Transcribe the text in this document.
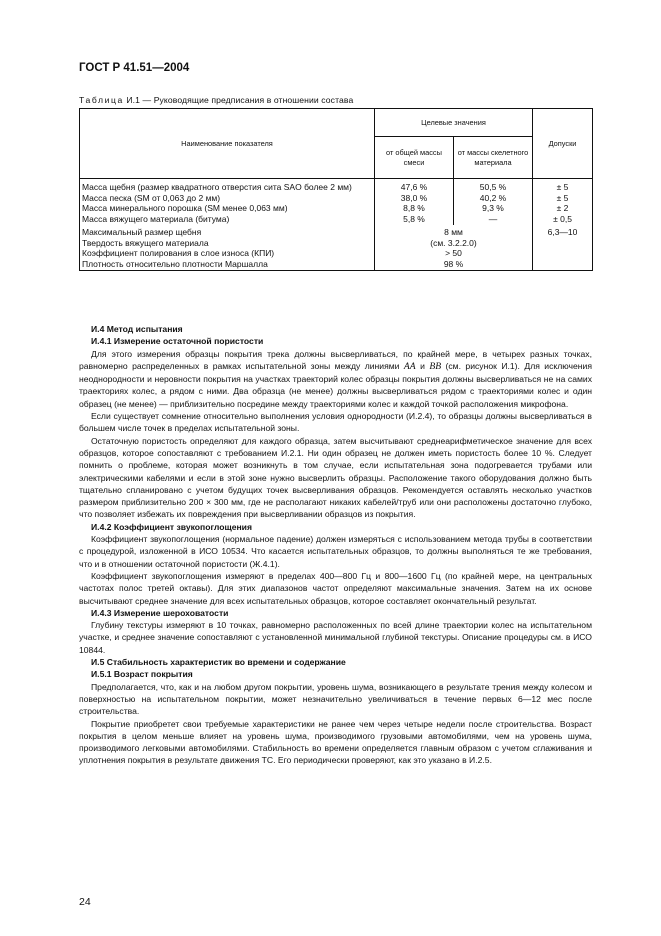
ГОСТ Р 41.51—2004
Таблица И.1 — Руководящие предписания в отношении состава
Наименование показателя	Целевые значения		Допуски
	от общей массы смеси	от массы скелетного материала	
Масса щебня (размер квадратного отверстия сита SAO более 2 мм)	47,6 %	50,5 %	± 5
Масса песка (SM от 0,063 до 2 мм)	38,0 %	40,2 %	± 5
Масса минерального порошка (SM менее 0,063 мм)	8,8 %	9,3 %	± 2
Масса вяжущего материала (битума)	5,8 %	—	± 0,5
Максимальный размер щебня	8 мм		6,3—10
Твердость вяжущего материала	(см. 3.2.2.0)		
Коэффициент полирования в слое износа (КПИ)	> 50		
Плотность относительно плотности Маршалла	98 %		
И.4 Метод испытания
И.4.1 Измерение остаточной пористости

Для этого измерения образцы покрытия трека должны высверливаться, по крайней мере, в четырех разных точках, равномерно распределенных в рамках испытательной зоны между линиями АА и ВВ (см. рисунок И.1). Для исключения неоднородности и неровности покрытия на участках траекторий колес образцы покрытия должны высверливаться не на самих траекториях колес, а рядом с ними. Два образца (не менее) должны высверливаться рядом с траекториями колес и один образец (не менее) — приблизительно посредине между траекториями колес и каждой точкой расположения микрофона.

Если существует сомнение относительно выполнения условия однородности (И.2.4), то образцы должны высверливаться в большем числе точек в пределах испытательной зоны.

Остаточную пористость определяют для каждого образца, затем высчитывают среднеарифметическое значение для всех образцов, которое сопоставляют с требованием И.2.1. Ни один образец не должен иметь пористость более 10 %. Следует помнить о проблеме, которая может возникнуть в том случае, если испытательная зона подогревается трубами или электрическими кабелями и если в этой зоне нужно высверлить образцы. Расположение такого оборудования должно быть тщательно спланировано с учетом будущих точек высверливания образцов. Рекомендуется оставлять несколько участков размером приблизительно 200 × 300 мм, где не располагают никаких кабелей/труб или они расположены достаточно глубоко, что позволяет избежать их повреждения при высверливании образцов из покрытия.

И.4.2 Коэффициент звукопоглощения

Коэффициент звукопоглощения (нормальное падение) должен измеряться с использованием метода трубы в соответствии с процедурой, изложенной в ИСО 10534. Что касается испытательных образцов, то должны выполняться те же требования, что и в отношении остаточной пористости (Ж.4.1).

Коэффициент звукопоглощения измеряют в пределах 400—800 Гц и 800—1600 Гц (по крайней мере, на центральных частотах полос третей октавы). Для этих диапазонов частот определяют максимальные значения. Затем на их основе высчитывают среднее значение для всех испытательных образцов, которое составляет окончательный результат.

И.4.3 Измерение шероховатости

Глубину текстуры измеряют в 10 точках, равномерно расположенных по всей длине траектории колес на испытательном участке, и среднее значение сопоставляют с установленной минимальной глубиной текстуры. Описание процедуры см. в ИСО 10844.

И.5 Стабильность характеристик во времени и содержание
И.5.1 Возраст покрытия

Предполагается, что, как и на любом другом покрытии, уровень шума, возникающего в результате трения между колесом и поверхностью на испытательном покрытии, может незначительно увеличиваться в течение первых 6—12 мес после строительства.

Покрытие приобретет свои требуемые характеристики не ранее чем через четыре недели после строительства. Возраст покрытия в целом меньше влияет на уровень шума, производимого грузовыми автомобилями, чем на уровень шума, производимого легковыми автомобилями. Стабильность во времени определяется главным образом с учетом сглаживания и уплотнения покрытия в результате движения ТС. Его периодически проверяют, как это указано в И.2.5.

24
